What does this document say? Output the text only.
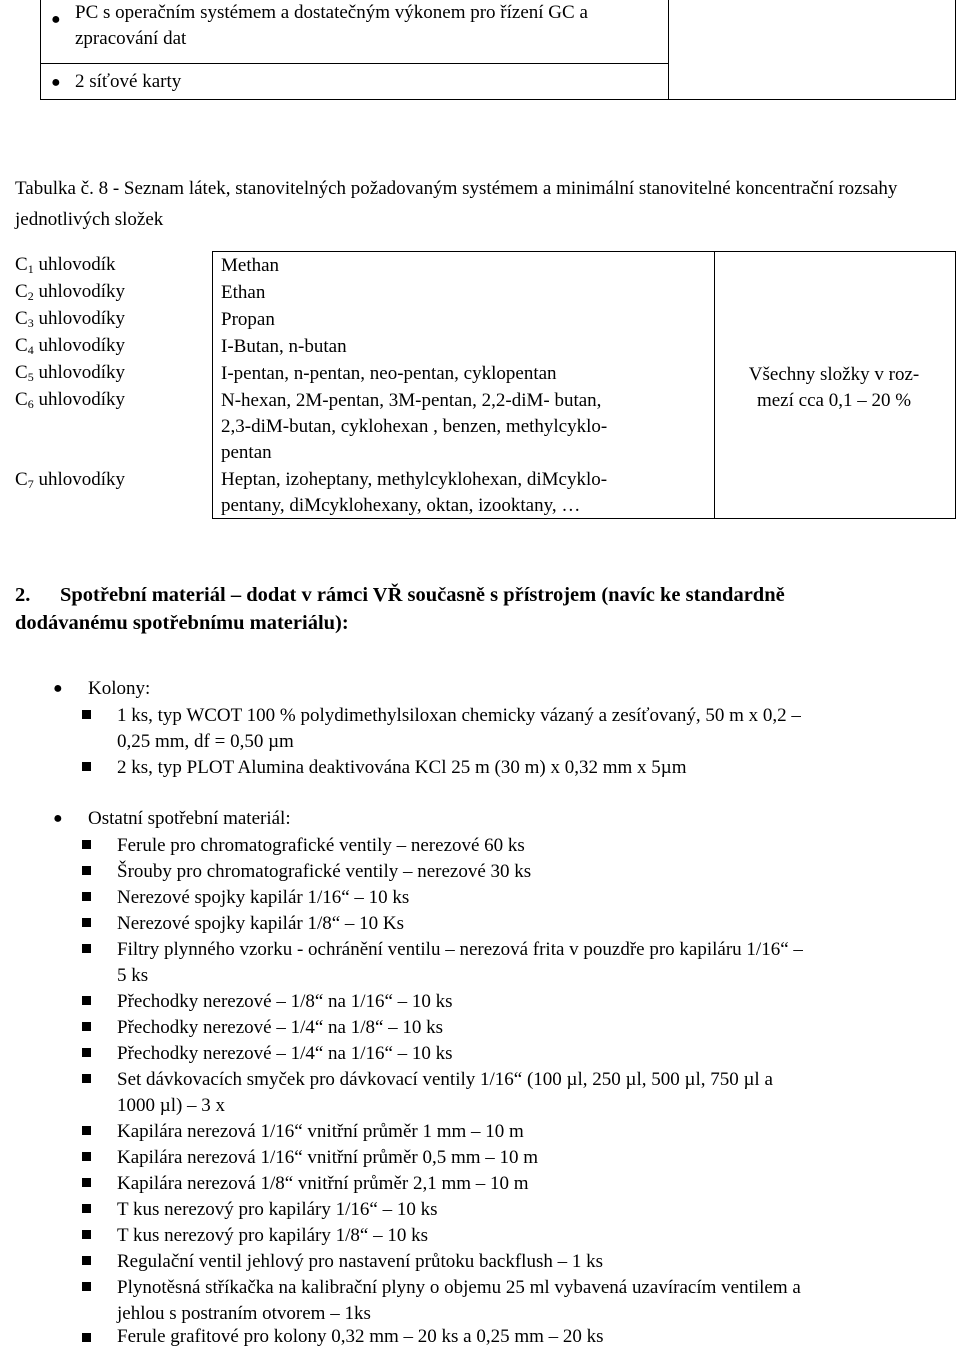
● PC s operačním systémem a dostatečným výkonem pro řízení GC a zpracování dat
● 2 síťové karty
Tabulka č. 8 - Seznam látek, stanovitelných požadovaným systémem a minimální stanovitelné koncentrační rozsahy jednotlivých složek
$C_1$ uhlovodík
$C_2$ uhlovodíky
$C_3$ uhlovodíky
$C_4$ uhlovodíky
$C_5$ uhlovodíky
$C_6$ uhlovodíky
$C_7$ uhlovodíky
Methan
Ethan
Propan
I-Butan, n-butan
I-pentan, n-pentan, neo-pentan, cyklopentan
N-hexan, 2M-pentan, 3M-pentan, 2,2-diM- butan,
2,3-diM-butan, cyklohexan , benzen, methylcyklo-
pentan
Heptan, izoheptany, methylcyklohexan, diMcyklo-
pentany, diMcyklohexany, oktan, izooktany, …
Všechny složky v roz-
mezí cca 0,1 – 20 %
2.	Spotřební materiál – dodat v rámci VŘ současně s přístrojem (navíc ke standardně
dodávanému spotřebnímu materiálu):
● Kolony:
1 ks, typ WCOT 100 % polydimethylsiloxan chemicky vázaný a zesíťovaný, 50 m x 0,2 –
0,25 mm, df = 0,50 µm
2 ks, typ PLOT Alumina deaktivována KCl 25 m (30 m) x 0,32 mm x 5µm
● Ostatní spotřební materiál:
Ferule pro chromatografické ventily – nerezové 60 ks
Šrouby pro chromatografické ventily – nerezové 30 ks
Nerezové spojky kapilár 1/16“ – 10 ks
Nerezové spojky kapilár 1/8“ – 10 Ks
Filtry plynného vzorku - ochránění ventilu – nerezová frita v pouzdře pro kapiláru 1/16“ –
5 ks
Přechodky nerezové – 1/8“ na 1/16“ – 10 ks
Přechodky nerezové – 1/4“ na 1/8“ – 10 ks
Přechodky nerezové – 1/4“ na 1/16“ – 10 ks
Set dávkovacích smyček pro dávkovací ventily 1/16“ (100 µl, 250 µl, 500 µl, 750 µl a
1000 µl) – 3 x
Kapilára nerezová 1/16“ vnitřní průměr 1 mm – 10 m
Kapilára nerezová 1/16“ vnitřní průměr 0,5 mm – 10 m
Kapilára nerezová 1/8“ vnitřní průměr 2,1 mm – 10 m
T kus nerezový pro kapiláry 1/16“ – 10 ks
T kus nerezový pro kapiláry 1/8“ – 10 ks
Regulační ventil jehlový pro nastavení průtoku backflush – 1 ks
Plynotěsná stříkačka na kalibrační plyny o objemu 25 ml vybavená uzavíracím ventilem a
jehlou s postraním otvorem – 1ks
Ferule grafitové pro kolony 0,32 mm – 20 ks a 0,25 mm – 20 ks
